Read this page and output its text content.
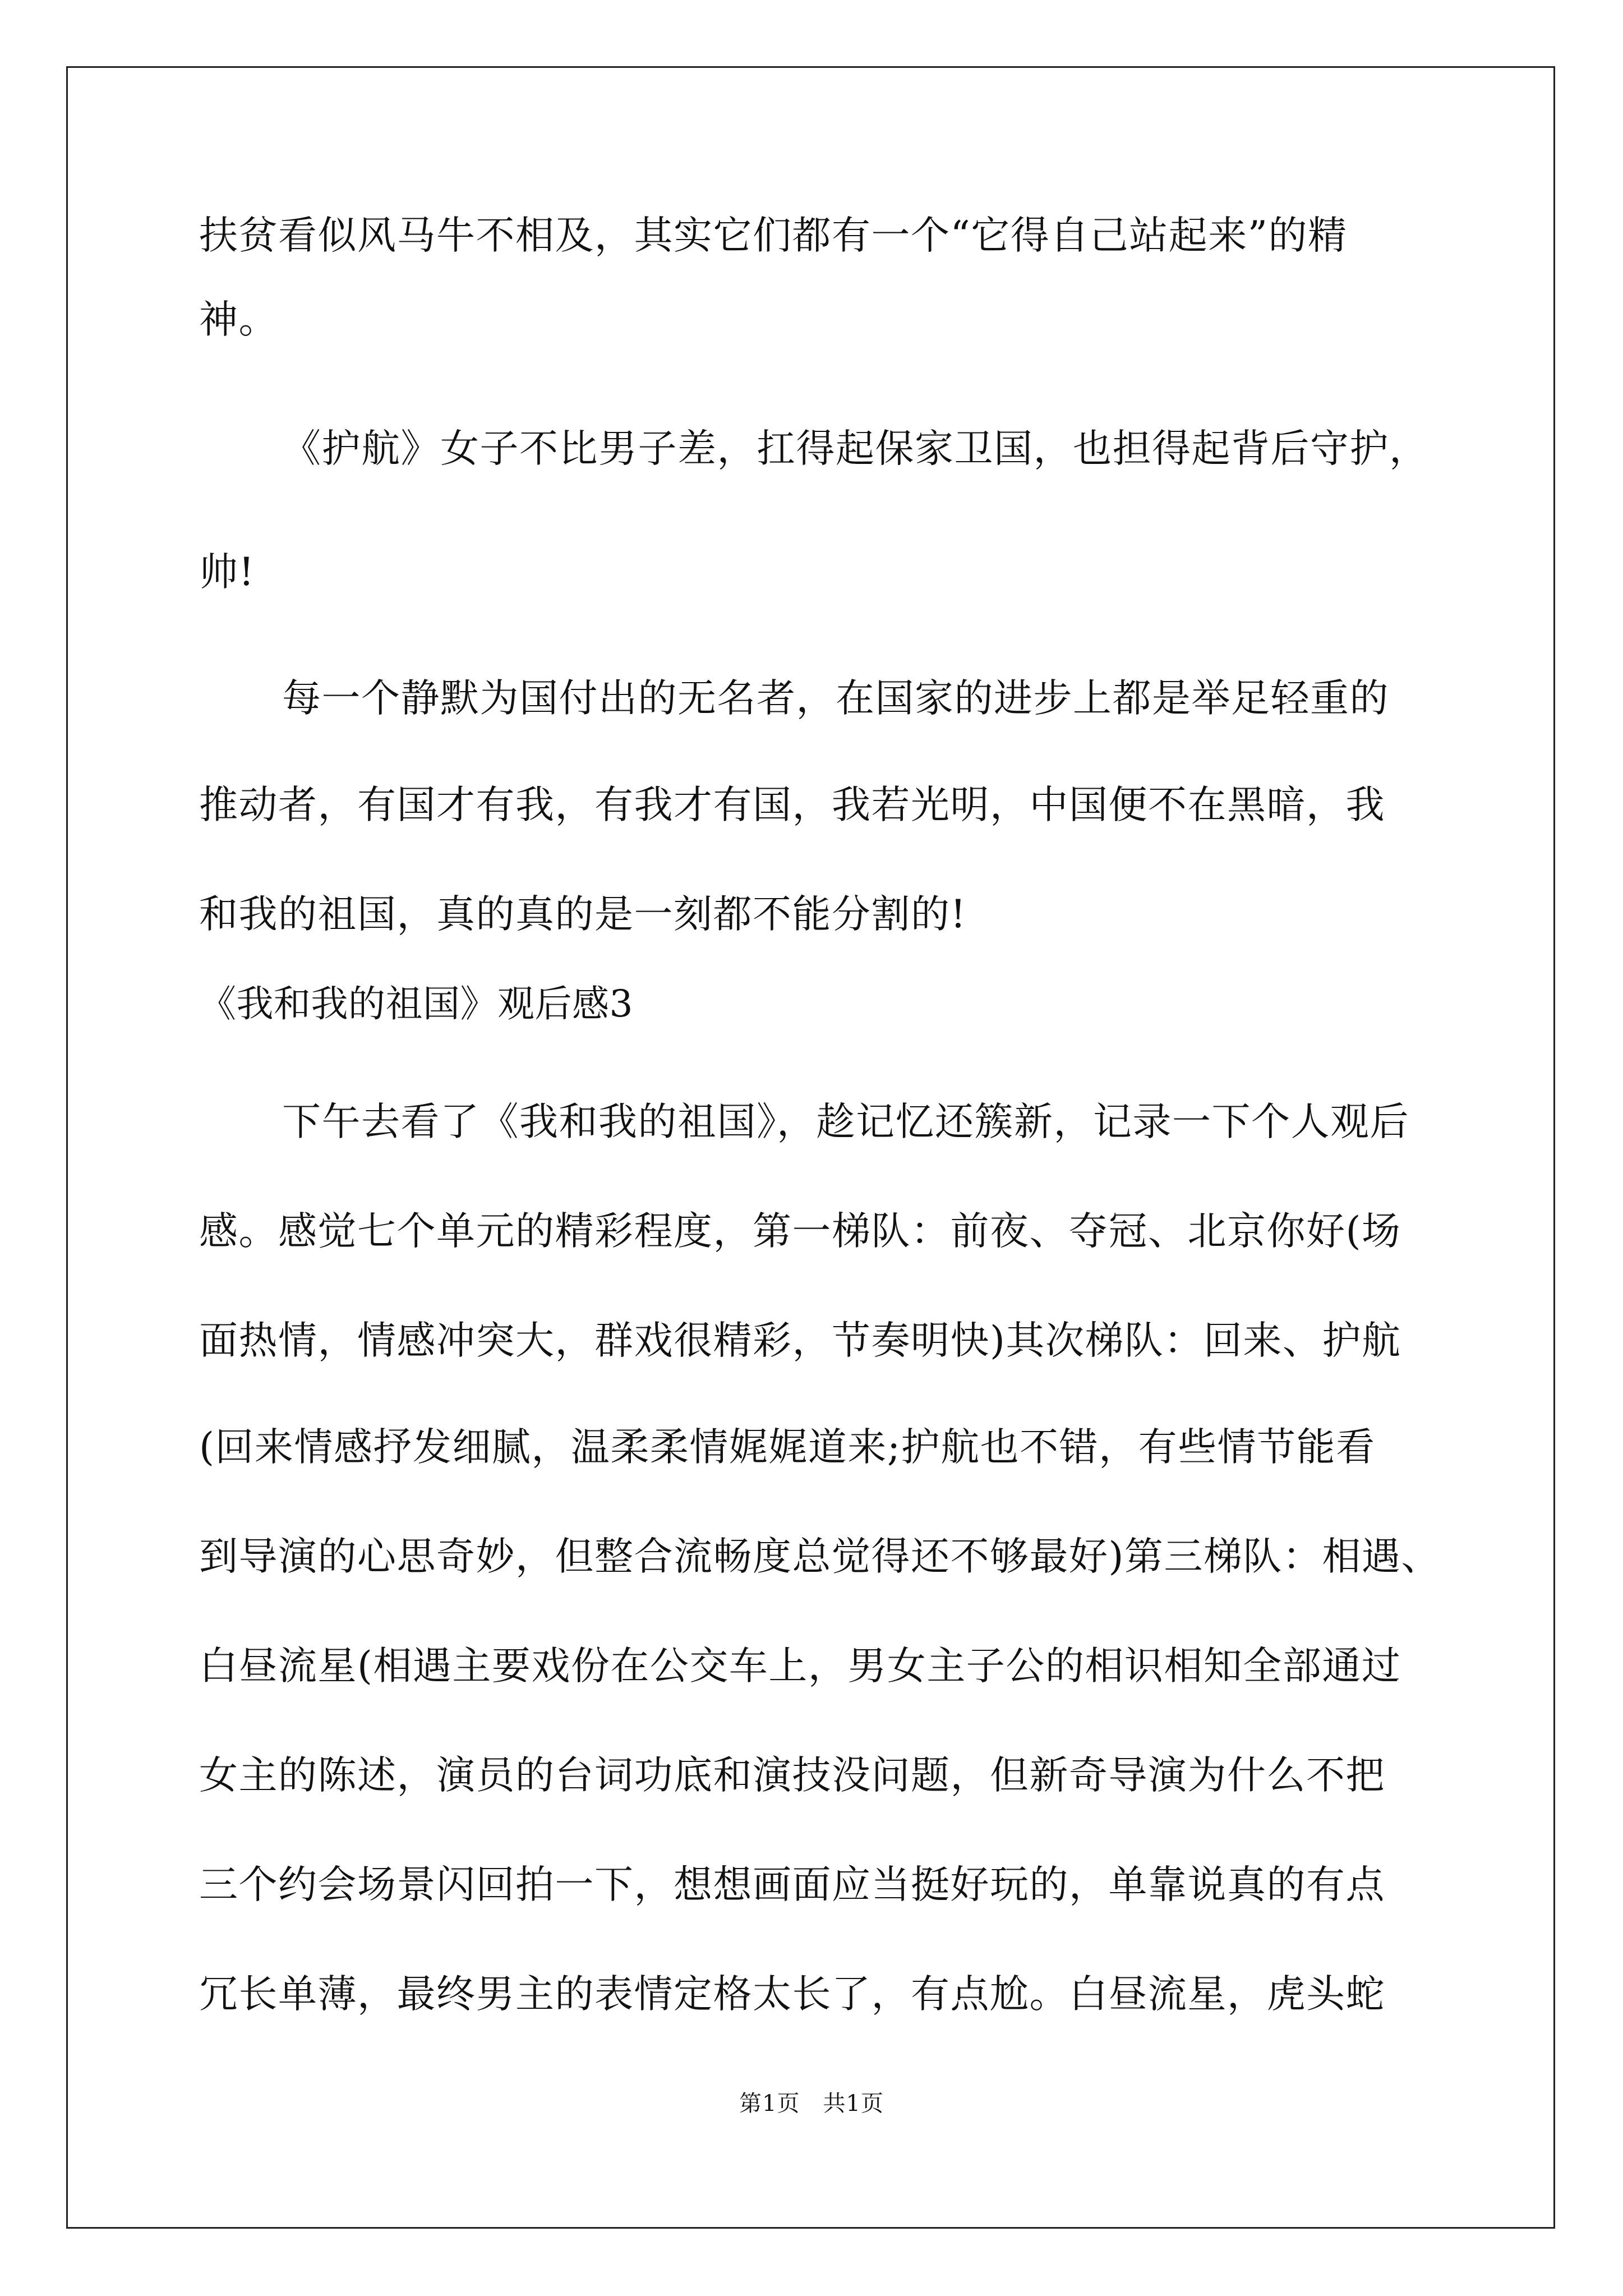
扶贫看似风马牛不相及，其实它们都有一个“它得自己站起来”的精
神。
《护航》女子不比男子差，扛得起保家卫国，也担得起背后守护，
帅!
每一个静默为国付出的无名者，在国家的进步上都是举足轻重的
推动者，有国才有我，有我才有国，我若光明，中国便不在黑暗，我
和我的祖国，真的真的是一刻都不能分割的!
《我和我的祖国》观后感3
下午去看了《我和我的祖国》，趁记忆还簇新，记录一下个人观后
感。感觉七个单元的精彩程度，第一梯队：前夜、夺冠、北京你好(场
面热情，情感冲突大，群戏很精彩，节奏明快)其次梯队：回来、护航
(回来情感抒发细腻，温柔柔情娓娓道来;护航也不错，有些情节能看
到导演的心思奇妙，但整合流畅度总觉得还不够最好)第三梯队：相遇、
白昼流星(相遇主要戏份在公交车上，男女主子公的相识相知全部通过
女主的陈述，演员的台词功底和演技没问题，但新奇导演为什么不把
三个约会场景闪回拍一下，想想画面应当挺好玩的，单靠说真的有点
冗长单薄，最终男主的表情定格太长了，有点尬。白昼流星，虎头蛇
第1页　共1页
